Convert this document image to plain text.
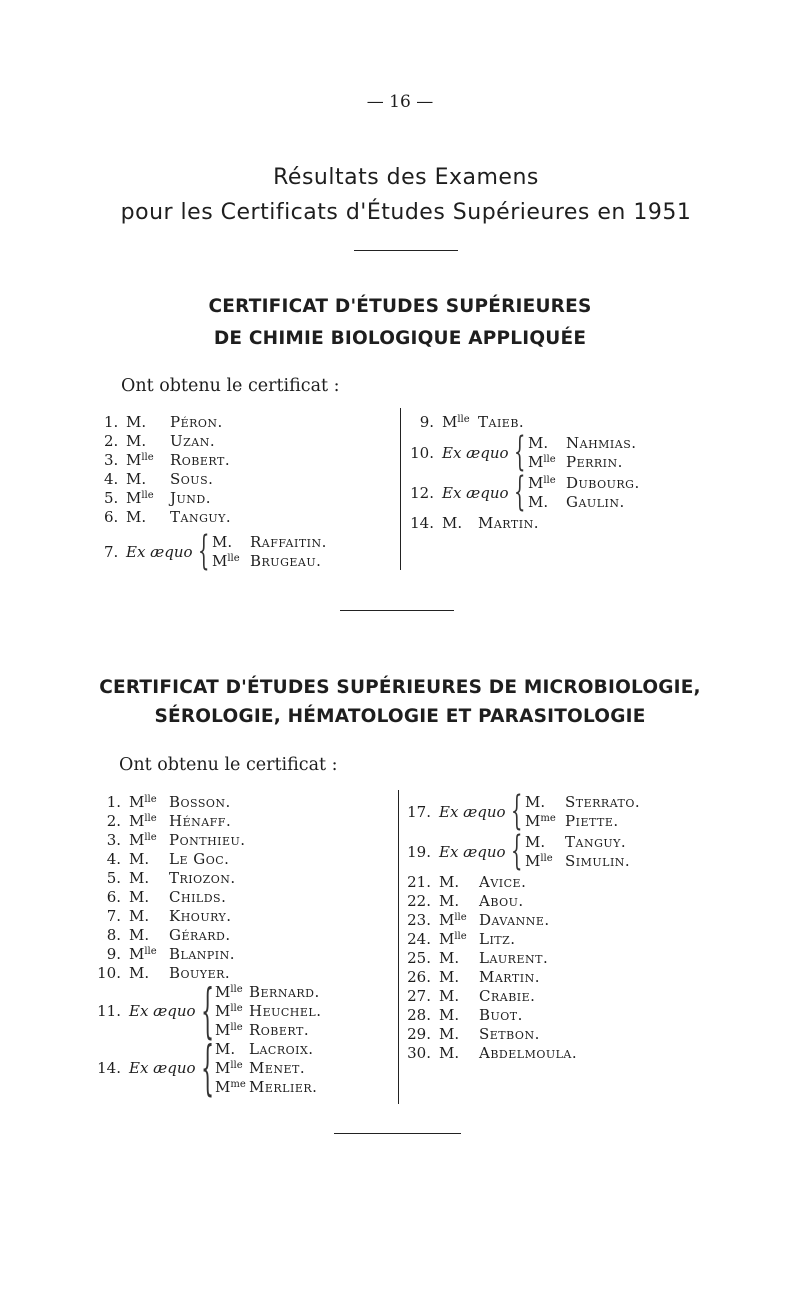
— 16 —
Résultats des Examens
pour les Certificats d'Études Supérieures en 1951
CERTIFICAT D'ÉTUDES SUPÉRIEURES
DE CHIMIE BIOLOGIQUE APPLIQUÉE
Ont obtenu le certificat :
1. M. Péron.
2. M. Uzan.
3. $M^{lle}$ Robert.
4. M. Sous.
5. $M^{lle}$ Jund.
6. M. Tanguy.
7. Ex æquo { M. Raffaitin.
$M^{lle}$ Brugeau.
9. $M^{lle}$ Taieb.
10. Ex æquo { M. Nahmias.
$M^{lle}$ Perrin.
12. Ex æquo { $M^{lle}$ Dubourg.
M. Gaulin.
14. M. Martin.
CERTIFICAT D'ÉTUDES SUPÉRIEURES DE MICROBIOLOGIE,
SÉROLOGIE, HÉMATOLOGIE ET PARASITOLOGIE
Ont obtenu le certificat :
1. $M^{lle}$ Bosson.
2. $M^{lle}$ Hénaff.
3. $M^{lle}$ Ponthieu.
4. M. Le Goc.
5. M. Triozon.
6. M. Childs.
7. M. Khoury.
8. M. Gérard.
9. $M^{lle}$ Blanpin.
10. M. Bouyer.
11. Ex æquo { $M^{lle}$ Bernard.
$M^{lle}$ Heuchel.
$M^{lle}$ Robert.
14. Ex æquo { M. Lacroix.
$M^{lle}$ Menet.
$M^{me}$ Merlier.
17. Ex æquo { M. Sterrato.
$M^{me}$ Piette.
19. Ex æquo { M. Tanguy.
$M^{lle}$ Simulin.
21. M. Avice.
22. M. Abou.
23. $M^{lle}$ Davanne.
24. $M^{lle}$ Litz.
25. M. Laurent.
26. M. Martin.
27. M. Crabie.
28. M. Buot.
29. M. Setbon.
30. M. Abdelmoula.
